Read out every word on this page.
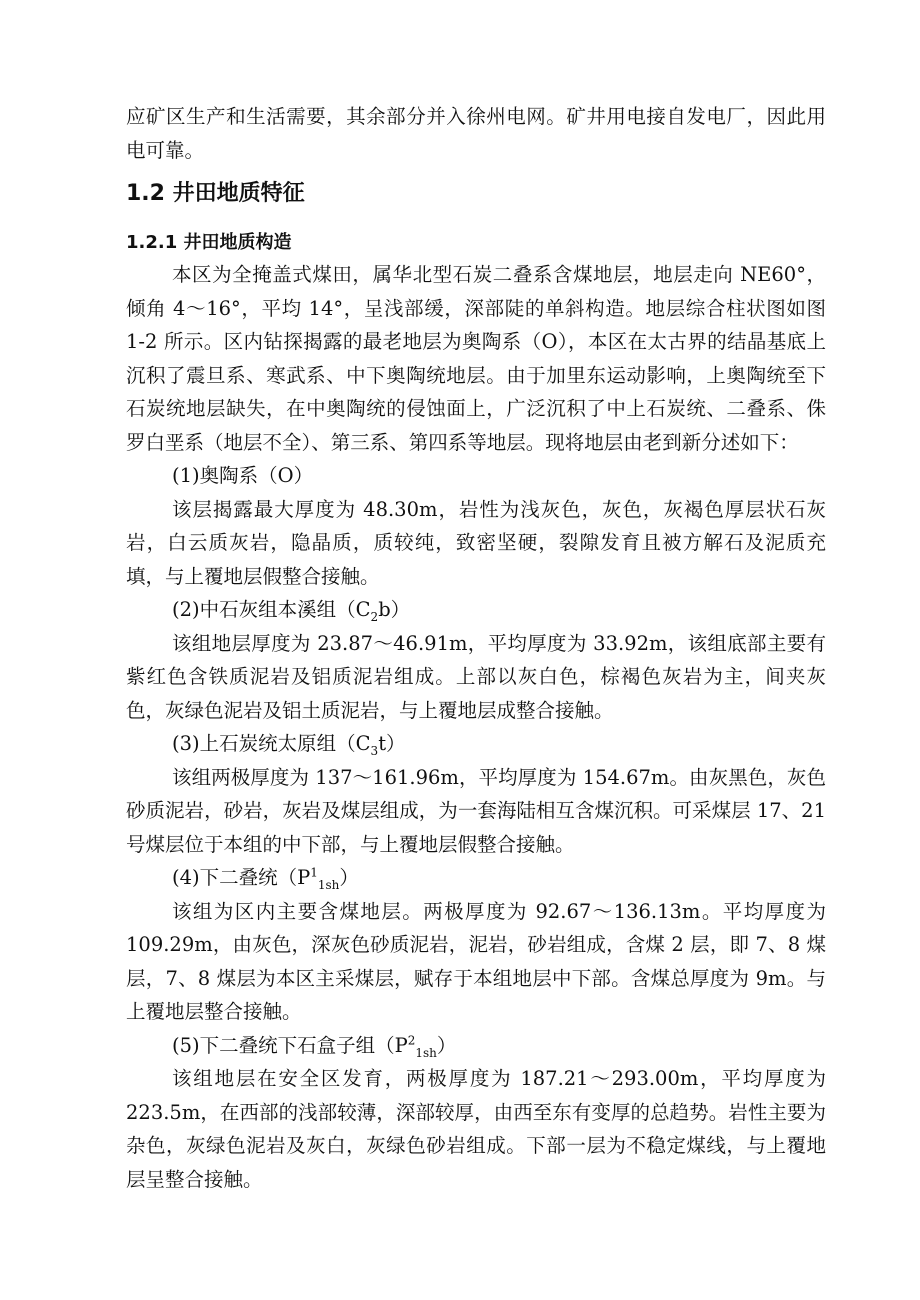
应矿区生产和生活需要，其余部分并入徐州电网。矿井用电接自发电厂，因此用电可靠。

1.2 井田地质特征
1.2.1 井田地质构造

本区为全掩盖式煤田，属华北型石炭二叠系含煤地层，地层走向 NE60°，倾角 4～16°，平均 14°，呈浅部缓，深部陡的单斜构造。地层综合柱状图如图 1-2 所示。区内钻探揭露的最老地层为奥陶系（O），本区在太古界的结晶基底上沉积了震旦系、寒武系、中下奥陶统地层。由于加里东运动影响，上奥陶统至下石炭统地层缺失，在中奥陶统的侵蚀面上，广泛沉积了中上石炭统、二叠系、侏罗白垩系（地层不全）、第三系、第四系等地层。现将地层由老到新分述如下：

(1)奥陶系（O）

该层揭露最大厚度为 48.30m，岩性为浅灰色，灰色，灰褐色厚层状石灰岩，白云质灰岩，隐晶质，质较纯，致密坚硬，裂隙发育且被方解石及泥质充填，与上覆地层假整合接触。

(2)中石灰组本溪组$(C_2b)$

该组地层厚度为 23.87～46.91m，平均厚度为 33.92m，该组底部主要有紫红色含铁质泥岩及铝质泥岩组成。上部以灰白色，棕褐色灰岩为主，间夹灰色，灰绿色泥岩及铝土质泥岩，与上覆地层成整合接触。

(3)上石炭统太原组$(C_3t)$

该组两极厚度为 137～161.96m，平均厚度为 154.67m。由灰黑色，灰色砂质泥岩，砂岩，灰岩及煤层组成，为一套海陆相互含煤沉积。可采煤层 17、21 号煤层位于本组的中下部，与上覆地层假整合接触。

(4)下二叠统$(P^1_{1sh})$

该组为区内主要含煤地层。两极厚度为 92.67～136.13m。平均厚度为 109.29m，由灰色，深灰色砂质泥岩，泥岩，砂岩组成，含煤 2 层，即 7、8 煤层，7、8 煤层为本区主采煤层，赋存于本组地层中下部。含煤总厚度为 9m。与上覆地层整合接触。

(5)下二叠统下石盒子组$(P^2_{1sh})$

该组地层在安全区发育，两极厚度为 187.21～293.00m，平均厚度为 223.5m，在西部的浅部较薄，深部较厚，由西至东有变厚的总趋势。岩性主要为杂色，灰绿色泥岩及灰白，灰绿色砂岩组成。下部一层为不稳定煤线，与上覆地层呈整合接触。
